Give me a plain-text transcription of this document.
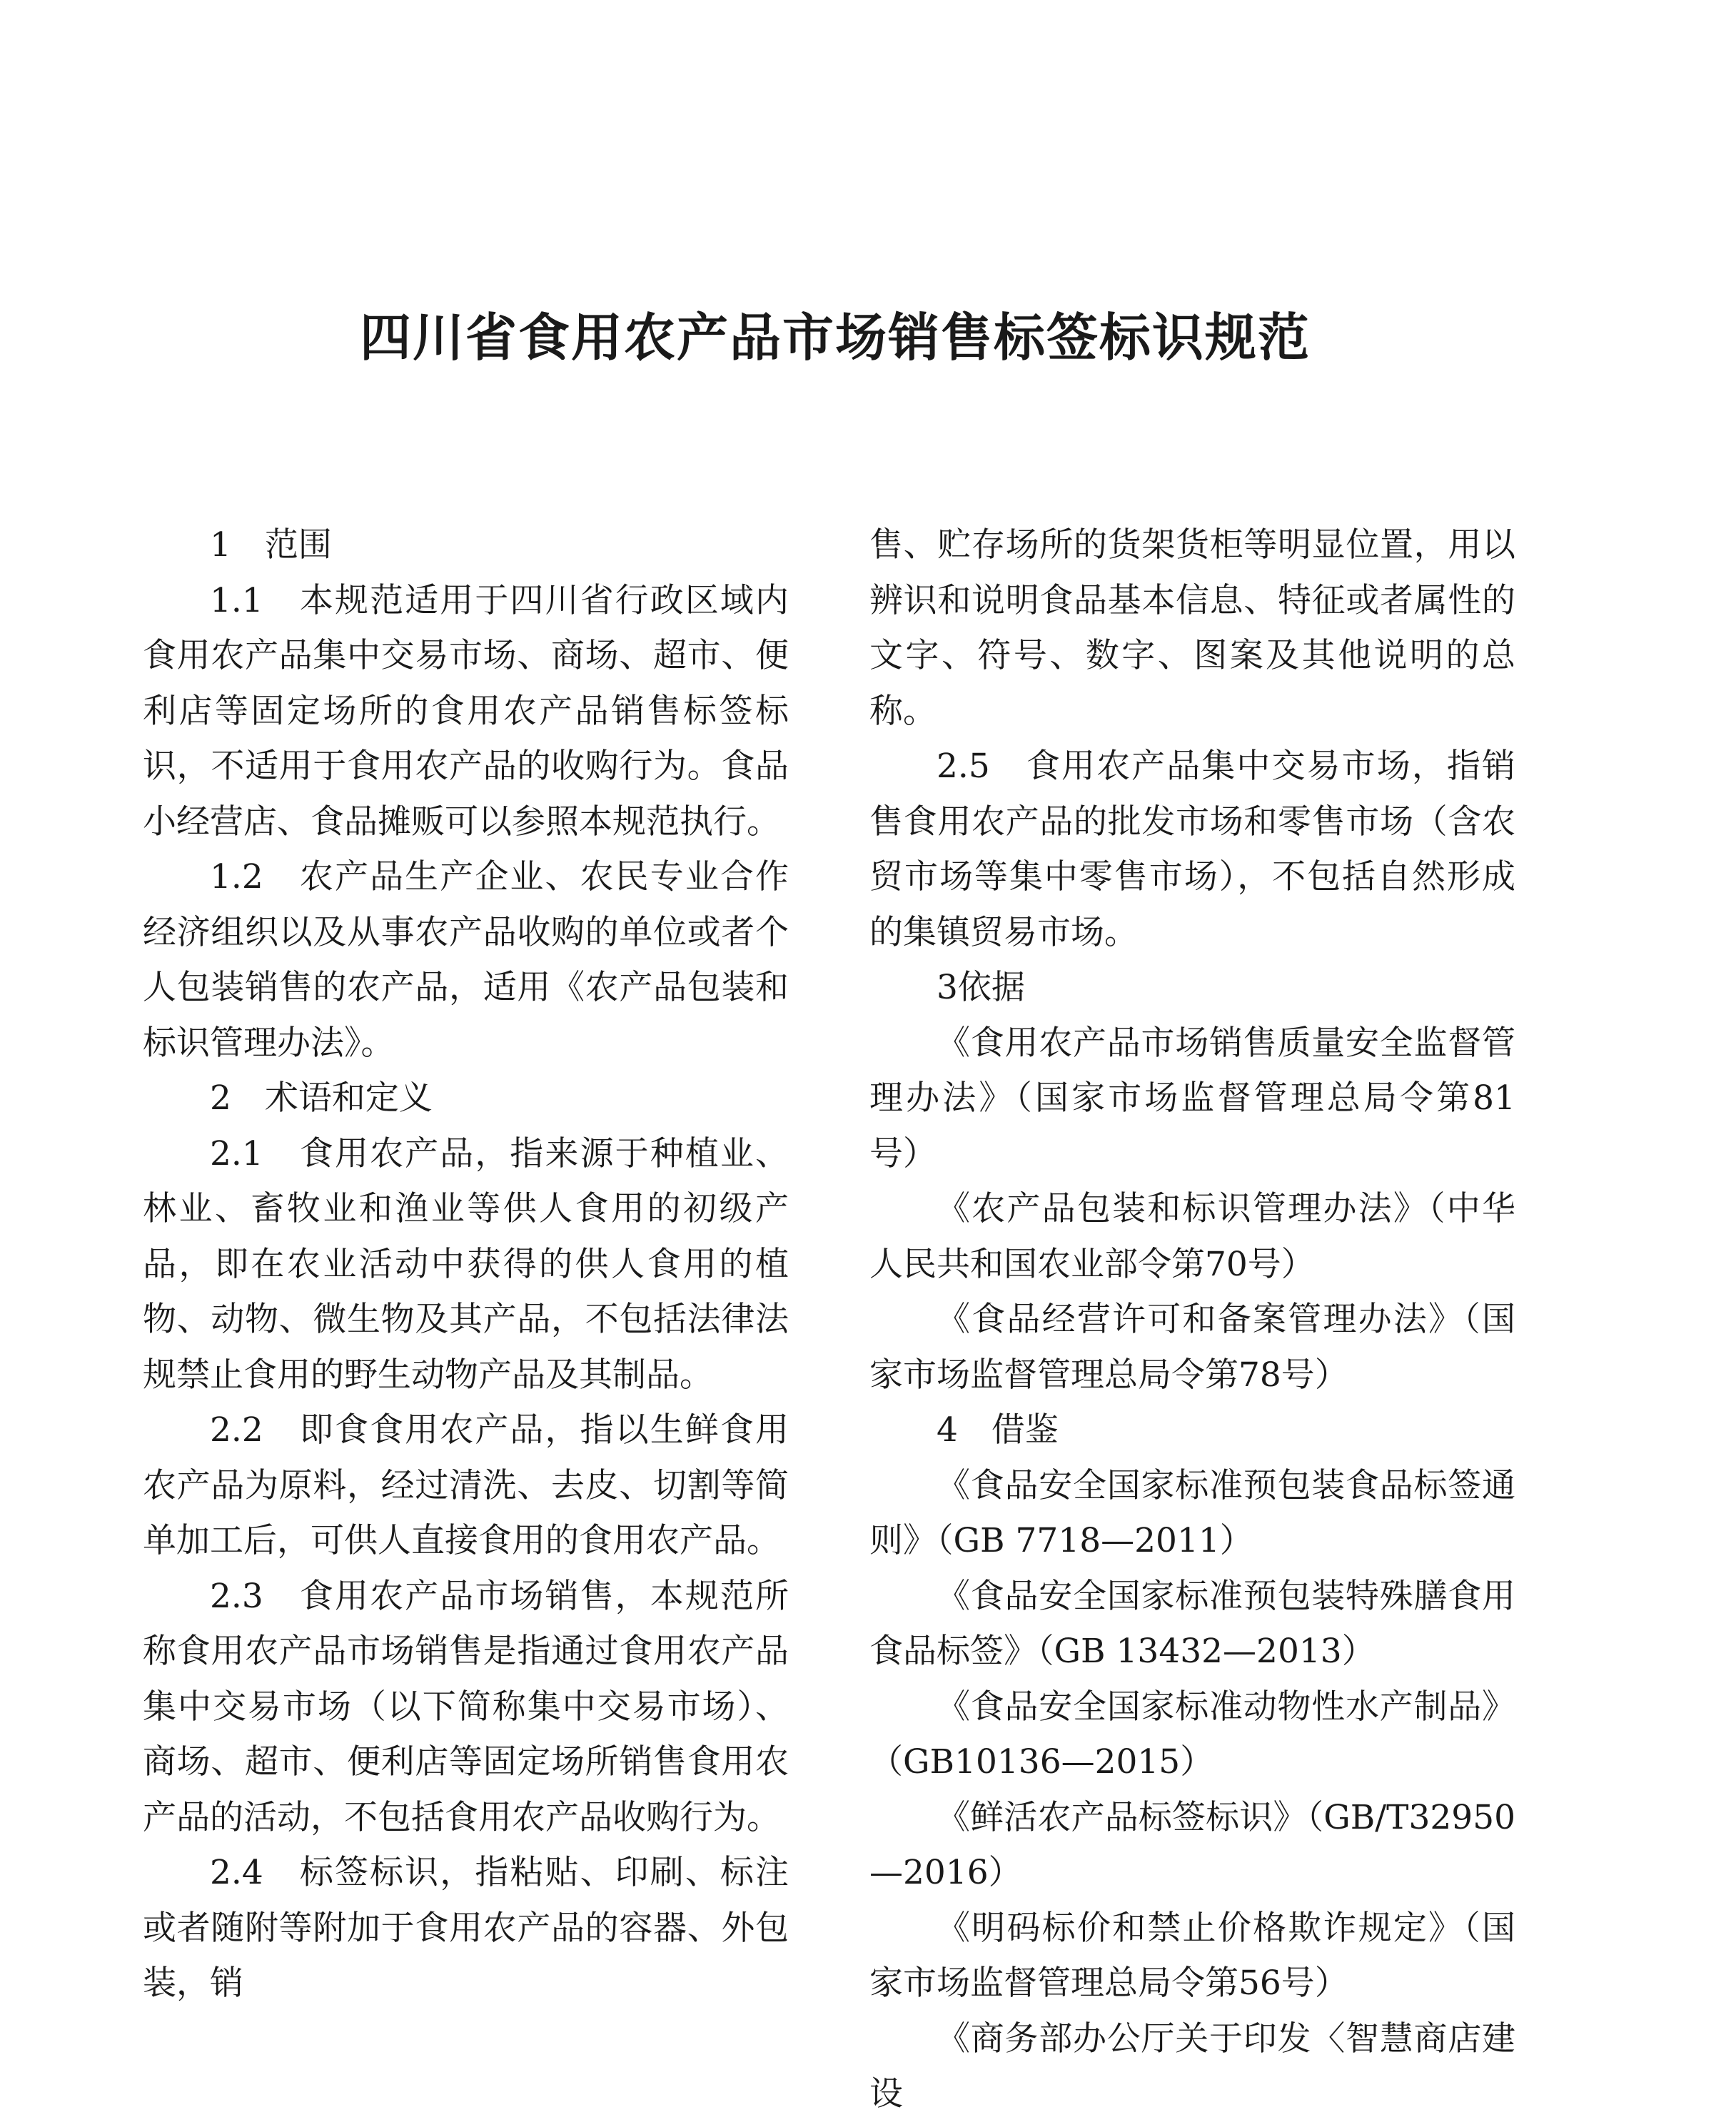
四川省食用农产品市场销售标签标识规范

1　范围

1.1　本规范适用于四川省行政区域内食用农产品集中交易市场、商场、超市、便利店等固定场所的食用农产品销售标签标识，不适用于食用农产品的收购行为。食品小经营店、食品摊贩可以参照本规范执行。

1.2　农产品生产企业、农民专业合作经济组织以及从事农产品收购的单位或者个人包装销售的农产品，适用《农产品包装和标识管理办法》。

2　术语和定义

2.1　食用农产品，指来源于种植业、林业、畜牧业和渔业等供人食用的初级产品，即在农业活动中获得的供人食用的植物、动物、微生物及其产品，不包括法律法规禁止食用的野生动物产品及其制品。

2.2　即食食用农产品，指以生鲜食用农产品为原料，经过清洗、去皮、切割等简单加工后，可供人直接食用的食用农产品。

2.3　食用农产品市场销售，本规范所称食用农产品市场销售是指通过食用农产品集中交易市场（以下简称集中交易市场）、商场、超市、便利店等固定场所销售食用农产品的活动，不包括食用农产品收购行为。

2.4　标签标识，指粘贴、印刷、标注或者随附等附加于食用农产品的容器、外包装，销

售、贮存场所的货架货柜等明显位置，用以辨识和说明食品基本信息、特征或者属性的文字、符号、数字、图案及其他说明的总称。

2.5　食用农产品集中交易市场，指销售食用农产品的批发市场和零售市场（含农贸市场等集中零售市场），不包括自然形成的集镇贸易市场。

3依据

《食用农产品市场销售质量安全监督管理办法》（国家市场监督管理总局令第81号）

《农产品包装和标识管理办法》（中华人民共和国农业部令第70号）

《食品经营许可和备案管理办法》（国家市场监督管理总局令第78号）

4　借鉴

《食品安全国家标准预包装食品标签通则》（GB 7718—2011）

《食品安全国家标准预包装特殊膳食用食品标签》（GB 13432—2013）

《食品安全国家标准动物性水产制品》（GB10136—2015）

《鲜活农产品标签标识》（GB/T32950—2016）

《明码标价和禁止价格欺诈规定》（国家市场监督管理总局令第56号）

《商务部办公厅关于印发〈智慧商店建设
